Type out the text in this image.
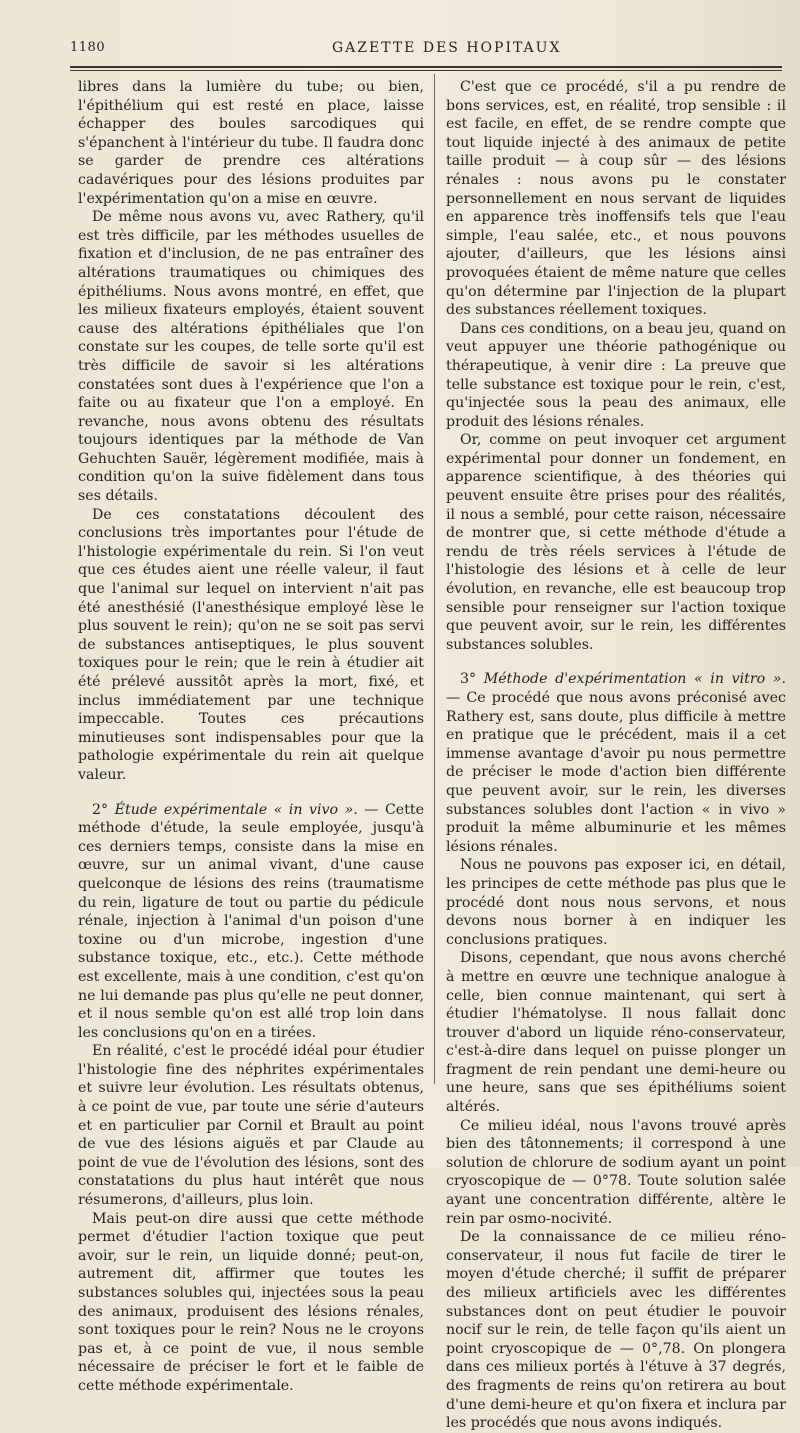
1180	GAZETTE DES HOPITAUX

libres dans la lumière du tube; ou bien, l'épithélium qui est resté en place, laisse échapper des boules sarcodiques qui s'épanchent à l'intérieur du tube. Il faudra donc se garder de prendre ces altérations cadavériques pour des lésions produites par l'expérimentation qu'on a mise en œuvre.

De même nous avons vu, avec Rathery, qu'il est très difficile, par les méthodes usuelles de fixation et d'inclusion, de ne pas entraîner des altérations traumatiques ou chimiques des épithéliums. Nous avons montré, en effet, que les milieux fixateurs employés, étaient souvent cause des altérations épithéliales que l'on constate sur les coupes, de telle sorte qu'il est très difficile de savoir si les altérations constatées sont dues à l'expérience que l'on a faite ou au fixateur que l'on a employé. En revanche, nous avons obtenu des résultats toujours identiques par la méthode de Van Gehuchten Sauër, légèrement modifiée, mais à condition qu'on la suive fidèlement dans tous ses détails.

De ces constatations découlent des conclusions très importantes pour l'étude de l'histologie expérimentale du rein. Si l'on veut que ces études aient une réelle valeur, il faut que l'animal sur lequel on intervient n'ait pas été anesthésié (l'anesthésique employé lèse le plus souvent le rein); qu'on ne se soit pas servi de substances antiseptiques, le plus souvent toxiques pour le rein; que le rein à étudier ait été prélevé aussitôt après la mort, fixé, et inclus immédiatement par une technique impeccable. Toutes ces précautions minutieuses sont indispensables pour que la pathologie expérimentale du rein ait quelque valeur.

2° Étude expérimentale « in vivo ». — Cette méthode d'étude, la seule employée, jusqu'à ces derniers temps, consiste dans la mise en œuvre, sur un animal vivant, d'une cause quelconque de lésions des reins (traumatisme du rein, ligature de tout ou partie du pédicule rénale, injection à l'animal d'un poison d'une toxine ou d'un microbe, ingestion d'une substance toxique, etc., etc.). Cette méthode est excellente, mais à une condition, c'est qu'on ne lui demande pas plus qu'elle ne peut donner, et il nous semble qu'on est allé trop loin dans les conclusions qu'on en a tirées.

En réalité, c'est le procédé idéal pour étudier l'histologie fine des néphrites expérimentales et suivre leur évolution. Les résultats obtenus, à ce point de vue, par toute une série d'auteurs et en particulier par Cornil et Brault au point de vue des lésions aiguës et par Claude au point de vue de l'évolution des lésions, sont des constatations du plus haut intérêt que nous résumerons, d'ailleurs, plus loin.

Mais peut-on dire aussi que cette méthode permet d'étudier l'action toxique que peut avoir, sur le rein, un liquide donné; peut-on, autrement dit, affirmer que toutes les substances solubles qui, injectées sous la peau des animaux, produisent des lésions rénales, sont toxiques pour le rein? Nous ne le croyons pas et, à ce point de vue, il nous semble nécessaire de préciser le fort et le faible de cette méthode expérimentale.

C'est que ce procédé, s'il a pu rendre de bons services, est, en réalité, trop sensible : il est facile, en effet, de se rendre compte que tout liquide injecté à des animaux de petite taille produit — à coup sûr — des lésions rénales : nous avons pu le constater personnellement en nous servant de liquides en apparence très inoffensifs tels que l'eau simple, l'eau salée, etc., et nous pouvons ajouter, d'ailleurs, que les lésions ainsi provoquées étaient de même nature que celles qu'on détermine par l'injection de la plupart des substances réellement toxiques.

Dans ces conditions, on a beau jeu, quand on veut appuyer une théorie pathogénique ou thérapeutique, à venir dire : La preuve que telle substance est toxique pour le rein, c'est, qu'injectée sous la peau des animaux, elle produit des lésions rénales.

Or, comme on peut invoquer cet argument expérimental pour donner un fondement, en apparence scientifique, à des théories qui peuvent ensuite être prises pour des réalités, il nous a semblé, pour cette raison, nécessaire de montrer que, si cette méthode d'étude a rendu de très réels services à l'étude de l'histologie des lésions et à celle de leur évolution, en revanche, elle est beaucoup trop sensible pour renseigner sur l'action toxique que peuvent avoir, sur le rein, les différentes substances solubles.

3° Méthode d'expérimentation « in vitro ». — Ce procédé que nous avons préconisé avec Rathery est, sans doute, plus difficile à mettre en pratique que le précédent, mais il a cet immense avantage d'avoir pu nous permettre de préciser le mode d'action bien différente que peuvent avoir, sur le rein, les diverses substances solubles dont l'action « in vivo » produit la même albuminurie et les mêmes lésions rénales.

Nous ne pouvons pas exposer ici, en détail, les principes de cette méthode pas plus que le procédé dont nous nous servons, et nous devons nous borner à en indiquer les conclusions pratiques.

Disons, cependant, que nous avons cherché à mettre en œuvre une technique analogue à celle, bien connue maintenant, qui sert à étudier l'hématolyse. Il nous fallait donc trouver d'abord un liquide réno-conservateur, c'est-à-dire dans lequel on puisse plonger un fragment de rein pendant une demi-heure ou une heure, sans que ses épithéliums soient altérés.

Ce milieu idéal, nous l'avons trouvé après bien des tâtonnements; il correspond à une solution de chlorure de sodium ayant un point cryoscopique de — 0°78. Toute solution salée ayant une concentration différente, altère le rein par osmo-nocivité.

De la connaissance de ce milieu réno-conservateur, il nous fut facile de tirer le moyen d'étude cherché; il suffit de préparer des milieux artificiels avec les différentes substances dont on peut étudier le pouvoir nocif sur le rein, de telle façon qu'ils aient un point cryoscopique de — 0°,78. On plongera dans ces milieux portés à l'étuve à 37 degrés, des fragments de reins qu'on retirera au bout d'une demi-heure et qu'on fixera et inclura par les procédés que nous avons indiqués.
